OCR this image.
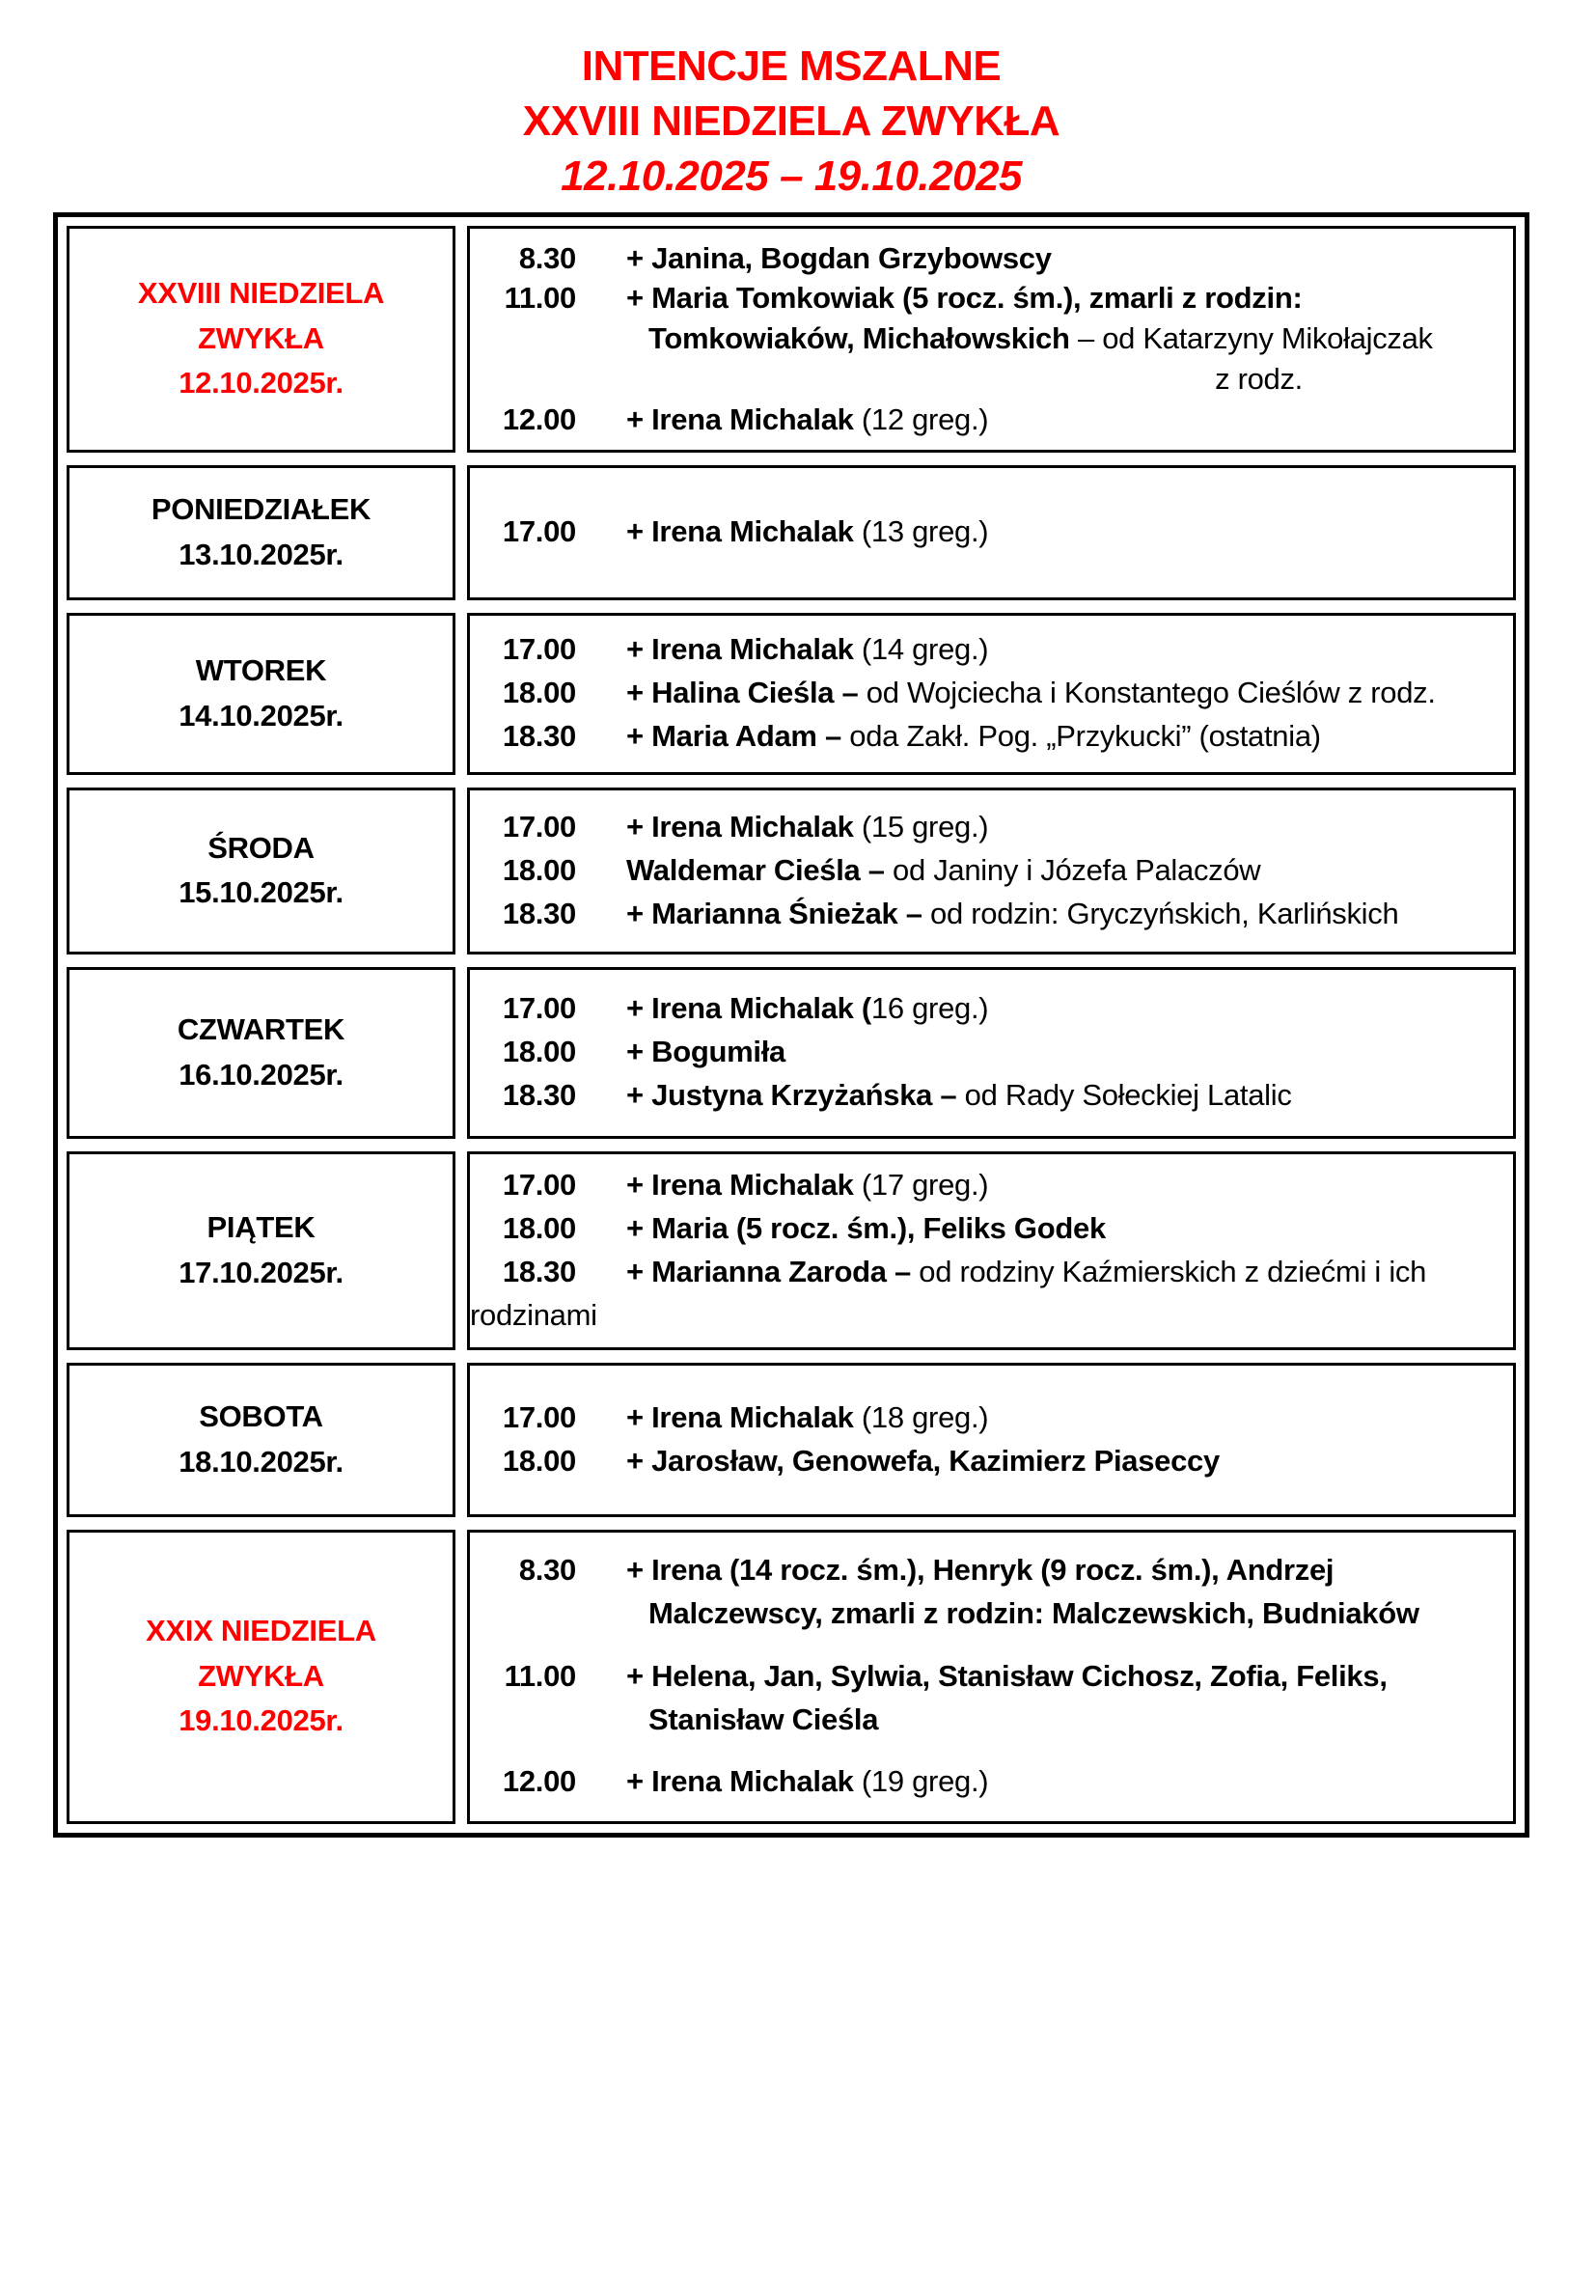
INTENCJE MSZALNE
XXVIII NIEDZIELA ZWYKŁA
12.10.2025 – 19.10.2025
XXVIII NIEDZIELA
ZWYKŁA
12.10.2025r.
8.30	+ Janina, Bogdan Grzybowscy
11.00	+ Maria Tomkowiak (5 rocz. śm.), zmarli z rodzin:
Tomkowiaków, Michałowskich – od Katarzyny Mikołajczak
z rodz.
12.00	+ Irena Michalak (12 greg.)
PONIEDZIAŁEK
13.10.2025r.
17.00	+ Irena Michalak (13 greg.)
WTOREK
14.10.2025r.
17.00	+ Irena Michalak (14 greg.)
18.00	+ Halina Cieśla – od Wojciecha i Konstantego Cieślów z rodz.
18.30	+ Maria Adam – oda Zakł. Pog. „Przykucki” (ostatnia)
ŚRODA
15.10.2025r.
17.00	+ Irena Michalak (15 greg.)
18.00	Waldemar Cieśla – od Janiny i Józefa Palaczów
18.30	+ Marianna Śnieżak – od rodzin: Gryczyńskich, Karlińskich
CZWARTEK
16.10.2025r.
17.00	+ Irena Michalak (16 greg.)
18.00	+ Bogumiła
18.30	+ Justyna Krzyżańska – od Rady Sołeckiej Latalic
PIĄTEK
17.10.2025r.
17.00	+ Irena Michalak (17 greg.)
18.00	+ Maria (5 rocz. śm.), Feliks Godek
18.30	+ Marianna Zaroda – od rodziny Kaźmierskich z dziećmi i ich
rodzinami
SOBOTA
18.10.2025r.
17.00	+ Irena Michalak (18 greg.)
18.00	+ Jarosław, Genowefa, Kazimierz Piaseccy
XXIX NIEDZIELA
ZWYKŁA
19.10.2025r.
8.30	+ Irena (14 rocz. śm.), Henryk (9 rocz. śm.), Andrzej
Malczewscy, zmarli z rodzin: Malczewskich, Budniaków
11.00	+ Helena, Jan, Sylwia, Stanisław Cichosz, Zofia, Feliks,
Stanisław Cieśla
12.00	+ Irena Michalak (19 greg.)
